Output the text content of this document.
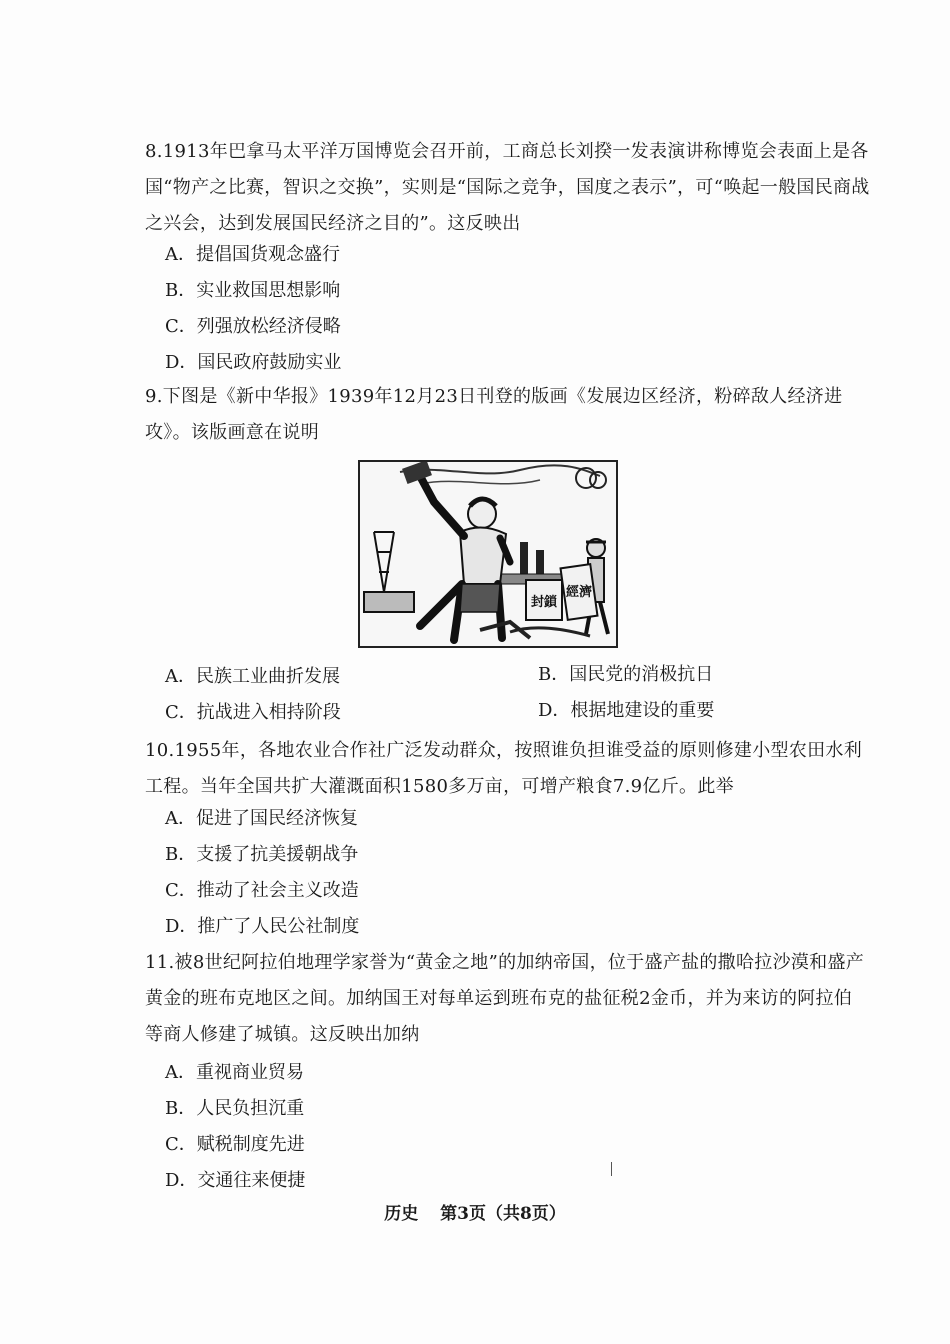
8.1913年巴拿马太平洋万国博览会召开前，工商总长刘揆一发表演讲称博览会表面上是各国“物产之比赛，智识之交换”，实则是“国际之竞争，国度之表示”，可“唤起一般国民商战之兴会，达到发展国民经济之目的”。这反映出
A．提倡国货观念盛行
B．实业救国思想影响
C．列强放松经济侵略
D．国民政府鼓励实业
9.下图是《新中华报》1939年12月23日刊登的版画《发展边区经济，粉碎敌人经济进攻》。该版画意在说明
封鎖
經濟
A．民族工业曲折发展	B．国民党的消极抗日
C．抗战进入相持阶段	D．根据地建设的重要
10.1955年，各地农业合作社广泛发动群众，按照谁负担谁受益的原则修建小型农田水利工程。当年全国共扩大灌溉面积1580多万亩，可增产粮食7.9亿斤。此举
A．促进了国民经济恢复
B．支援了抗美援朝战争
C．推动了社会主义改造
D．推广了人民公社制度
11.被8世纪阿拉伯地理学家誉为“黄金之地”的加纳帝国，位于盛产盐的撒哈拉沙漠和盛产黄金的班布克地区之间。加纳国王对每单运到班布克的盐征税2金币，并为来访的阿拉伯等商人修建了城镇。这反映出加纳
A．重视商业贸易
B．人民负担沉重
C．赋税制度先进
D．交通往来便捷
历史 第3页（共8页）
